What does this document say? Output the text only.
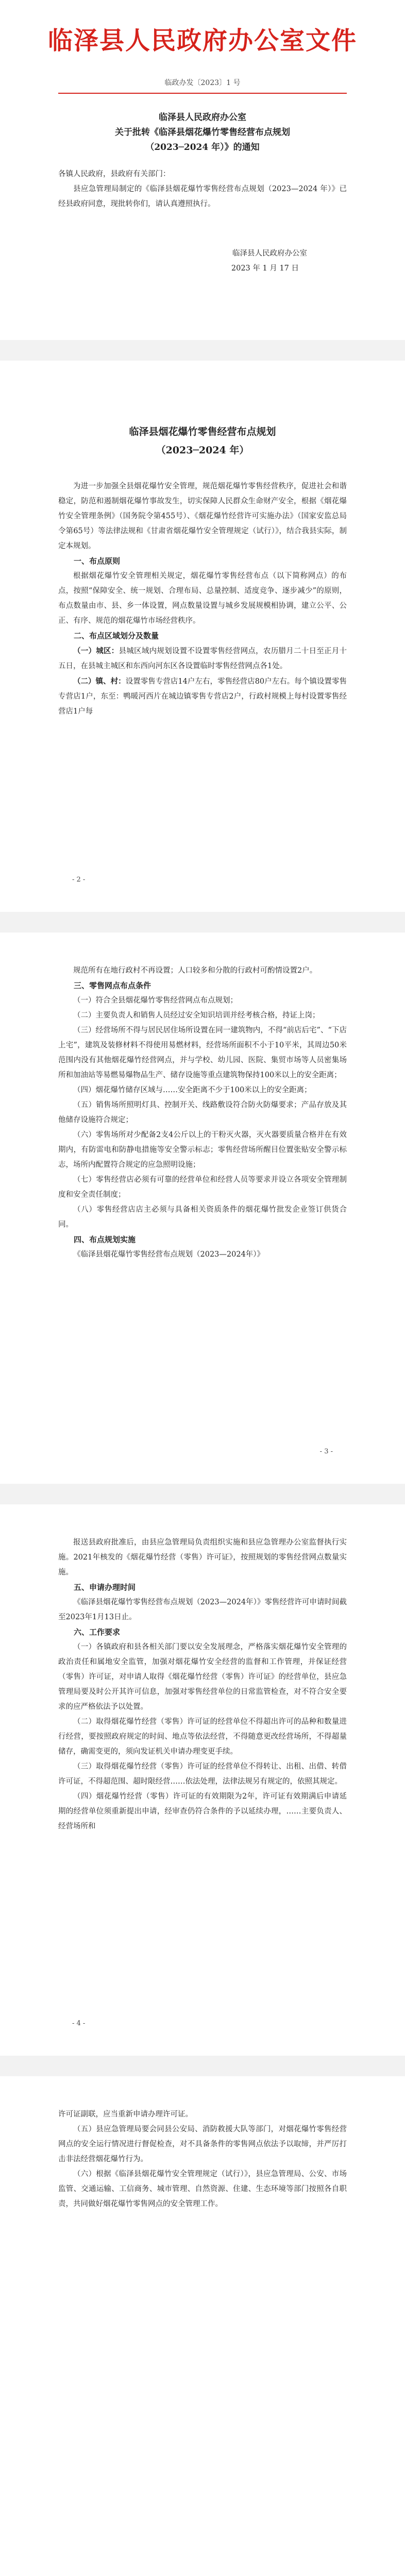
临泽县人民政府办公室文件
临政办发〔2023〕1 号
临泽县人民政府办公室
关于批转《临泽县烟花爆竹零售经营布点规划
（2023─2024 年）》的通知

各镇人民政府，县政府有关部门：

县应急管理局制定的《临泽县烟花爆竹零售经营布点规划（2023—2024 年）》已经县政府同意，现批转你们，请认真遵照执行。

临泽县人民政府办公室
2023 年 1 月 17 日
临泽县烟花爆竹零售经营布点规划
（2023─2024 年）

为进一步加强全县烟花爆竹安全管理，规范烟花爆竹零售经营秩序，促进社会和谐稳定，防范和遏制烟花爆竹事故发生，切实保障人民群众生命财产安全，根据《烟花爆竹安全管理条例》（国务院令第455号）、《烟花爆竹经营许可实施办法》（国家安监总局令第65号）等法律法规和《甘肃省烟花爆竹安全管理规定（试行）》，结合我县实际，制定本规划。

一、布点原则

根据烟花爆竹安全管理相关规定，烟花爆竹零售经营布点（以下简称网点）的布点，按照“保障安全、统一规划、合理布局、总量控制、适度竞争、逐步减少”的原则，布点数量由市、县、乡一体设置，网点数量设置与城乡发展规模相协调，建立公平、公正、有序、规范的烟花爆竹市场经营秩序。

二、布点区域划分及数量

（一）城区：县城区域内规划设置不设置零售经营网点，农历腊月二十日至正月十五日，在县城主城区和东西向河东区各设置临时零售经营网点各1处。

（二）镇、村：设置零售专营店14户左右，零售经营店80户左右。每个镇设置零售专营店1户，东至：鸭暖河西片在城边镇零售专营店2户，行政村规模上每村设置零售经营店1户每

- 2 -

规范所有在地行政村不再设置；人口较多和分散的行政村可酌情设置2户。

三、零售网点布点条件

（一）符合全县烟花爆竹零售经营网点布点规划；

（二）主要负责人和销售人员经过安全知识培训并经考核合格，持证上岗；

（三）经营场所不得与居民居住场所设置在同一建筑物内，不得“前店后宅”、“下店上宅”，建筑及装修材料不得使用易燃材料，经营场所面积不小于10平米，其周边50米范围内没有其他烟花爆竹经营网点，并与学校、幼儿园、医院、集贸市场等人员密集场所和加油站等易燃易爆物品生产、储存设施等重点建筑物保持100米以上的安全距离；

（四）烟花爆竹储存区域与……安全距离不少于100米以上的安全距离；

（五）销售场所照明灯具、控制开关、线路敷设符合防火防爆要求；产品存放及其他储存设施符合规定；

（六）零售场所对少配备2支4公斤以上的干粉灭火器，灭火器要质量合格并在有效期内，有防雷电和防静电措施等安全警示标志；零售经营场所醒目位置张贴安全警示标志，场所内配置符合规定的应急照明设施；

（七）零售经营店必须有可靠的经营单位和经营人员等要求并设立各项安全管理制度和安全责任制度；

（八）零售经营店店主必须与具备相关资质条件的烟花爆竹批发企业签订供货合同。

四、布点规划实施

《临泽县烟花爆竹零售经营布点规划（2023—2024年）》

- 3 -

报送县政府批准后，由县应急管理局负责组织实施和县应急管理办公室监督执行实施。2021年核发的《烟花爆竹经营（零售）许可证》，按照规划的零售经营网点数量实施。

五、申请办理时间

《临泽县烟花爆竹零售经营布点规划（2023—2024年）》零售经营许可申请时间截至2023年1月13日止。

六、工作要求

（一）各镇政府和县各相关部门要以安全发展理念，严格落实烟花爆竹安全管理的政治责任和属地安全监管，加强对烟花爆竹安全经营的监督和工作管理，并保证经营（零售）许可证，对申请人取得《烟花爆竹经营（零售）许可证》的经营单位，县应急管理局要及时公开其许可信息，加强对零售经营单位的日常监管检查，对不符合安全要求的应严格依法予以处置。

（二）取得烟花爆竹经营（零售）许可证的经营单位不得超出许可的品种和数量进行经营，要按照政府规定的时间、地点等依法经营，不得随意更改经营场所，不得超量储存，确需变更的，须向发证机关申请办理变更手续。

（三）取得烟花爆竹经营（零售）许可证的经营单位不得转让、出租、出借、转借许可证，不得超范围、超时限经营……依法处理，法律法规另有规定的，依照其规定。

（四）烟花爆竹经营（零售）许可证的有效期限为2年，许可证有效期满后申请延期的经营单位须重新提出申请，经审查仍符合条件的予以延续办理，……主要负责人、经营场所和

- 4 -

许可证副联，应当重新申请办理许可证。

（五）县应急管理局要会同县公安局、消防救援大队等部门，对烟花爆竹零售经营网点的安全运行情况进行督促检查，对不具备条件的零售网点依法予以取缔，并严厉打击非法经营烟花爆竹行为。

（六）根据《临泽县烟花爆竹安全管理规定（试行）》，县应急管理局、公安、市场监管、交通运输、工信商务、城市管理、自然资源、住建、生态环境等部门按照各自职责，共同做好烟花爆竹零售网点的安全管理工作。
